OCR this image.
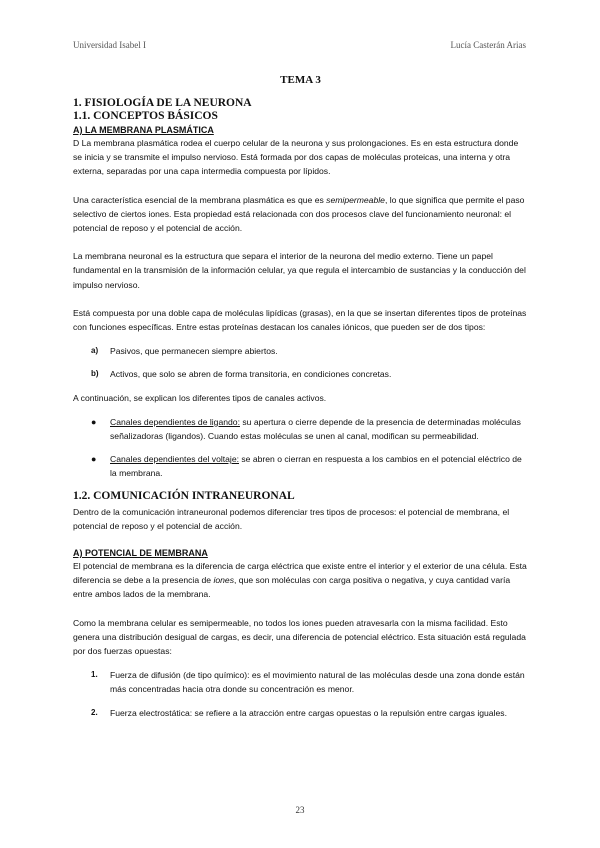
Universidad Isabel I	Lucía Casterán Arias
TEMA 3
1. FISIOLOGÍA DE LA NEURONA
1.1. CONCEPTOS BÁSICOS
A) LA MEMBRANA PLASMÁTICA

D La membrana plasmática rodea el cuerpo celular de la neurona y sus prolongaciones. Es en esta estructura donde se inicia y se transmite el impulso nervioso. Está formada por dos capas de moléculas proteicas, una interna y otra externa, separadas por una capa intermedia compuesta por lípidos.

Una característica esencial de la membrana plasmática es que es semipermeable, lo que significa que permite el paso selectivo de ciertos iones. Esta propiedad está relacionada con dos procesos clave del funcionamiento neuronal: el potencial de reposo y el potencial de acción.

La membrana neuronal es la estructura que separa el interior de la neurona del medio externo. Tiene un papel fundamental en la transmisión de la información celular, ya que regula el intercambio de sustancias y la conducción del impulso nervioso.

Está compuesta por una doble capa de moléculas lipídicas (grasas), en la que se insertan diferentes tipos de proteínas con funciones específicas. Entre estas proteínas destacan los canales iónicos, que pueden ser de dos tipos:

a) Pasivos, que permanecen siempre abiertos.
b) Activos, que solo se abren de forma transitoria, en condiciones concretas.

A continuación, se explican los diferentes tipos de canales activos.

● Canales dependientes de ligando: su apertura o cierre depende de la presencia de determinadas moléculas señalizadoras (ligandos). Cuando estas moléculas se unen al canal, modifican su permeabilidad.
● Canales dependientes del voltaje: se abren o cierran en respuesta a los cambios en el potencial eléctrico de la membrana.
1.2. COMUNICACIÓN INTRANEURONAL

Dentro de la comunicación intraneuronal podemos diferenciar tres tipos de procesos: el potencial de membrana, el potencial de reposo y el potencial de acción.

A) POTENCIAL DE MEMBRANA

El potencial de membrana es la diferencia de carga eléctrica que existe entre el interior y el exterior de una célula. Esta diferencia se debe a la presencia de iones, que son moléculas con carga positiva o negativa, y cuya cantidad varía entre ambos lados de la membrana.

Como la membrana celular es semipermeable, no todos los iones pueden atravesarla con la misma facilidad. Esto genera una distribución desigual de cargas, es decir, una diferencia de potencial eléctrico. Esta situación está regulada por dos fuerzas opuestas:

1. Fuerza de difusión (de tipo químico): es el movimiento natural de las moléculas desde una zona donde están más concentradas hacia otra donde su concentración es menor.
2. Fuerza electrostática: se refiere a la atracción entre cargas opuestas o la repulsión entre cargas iguales.
23
